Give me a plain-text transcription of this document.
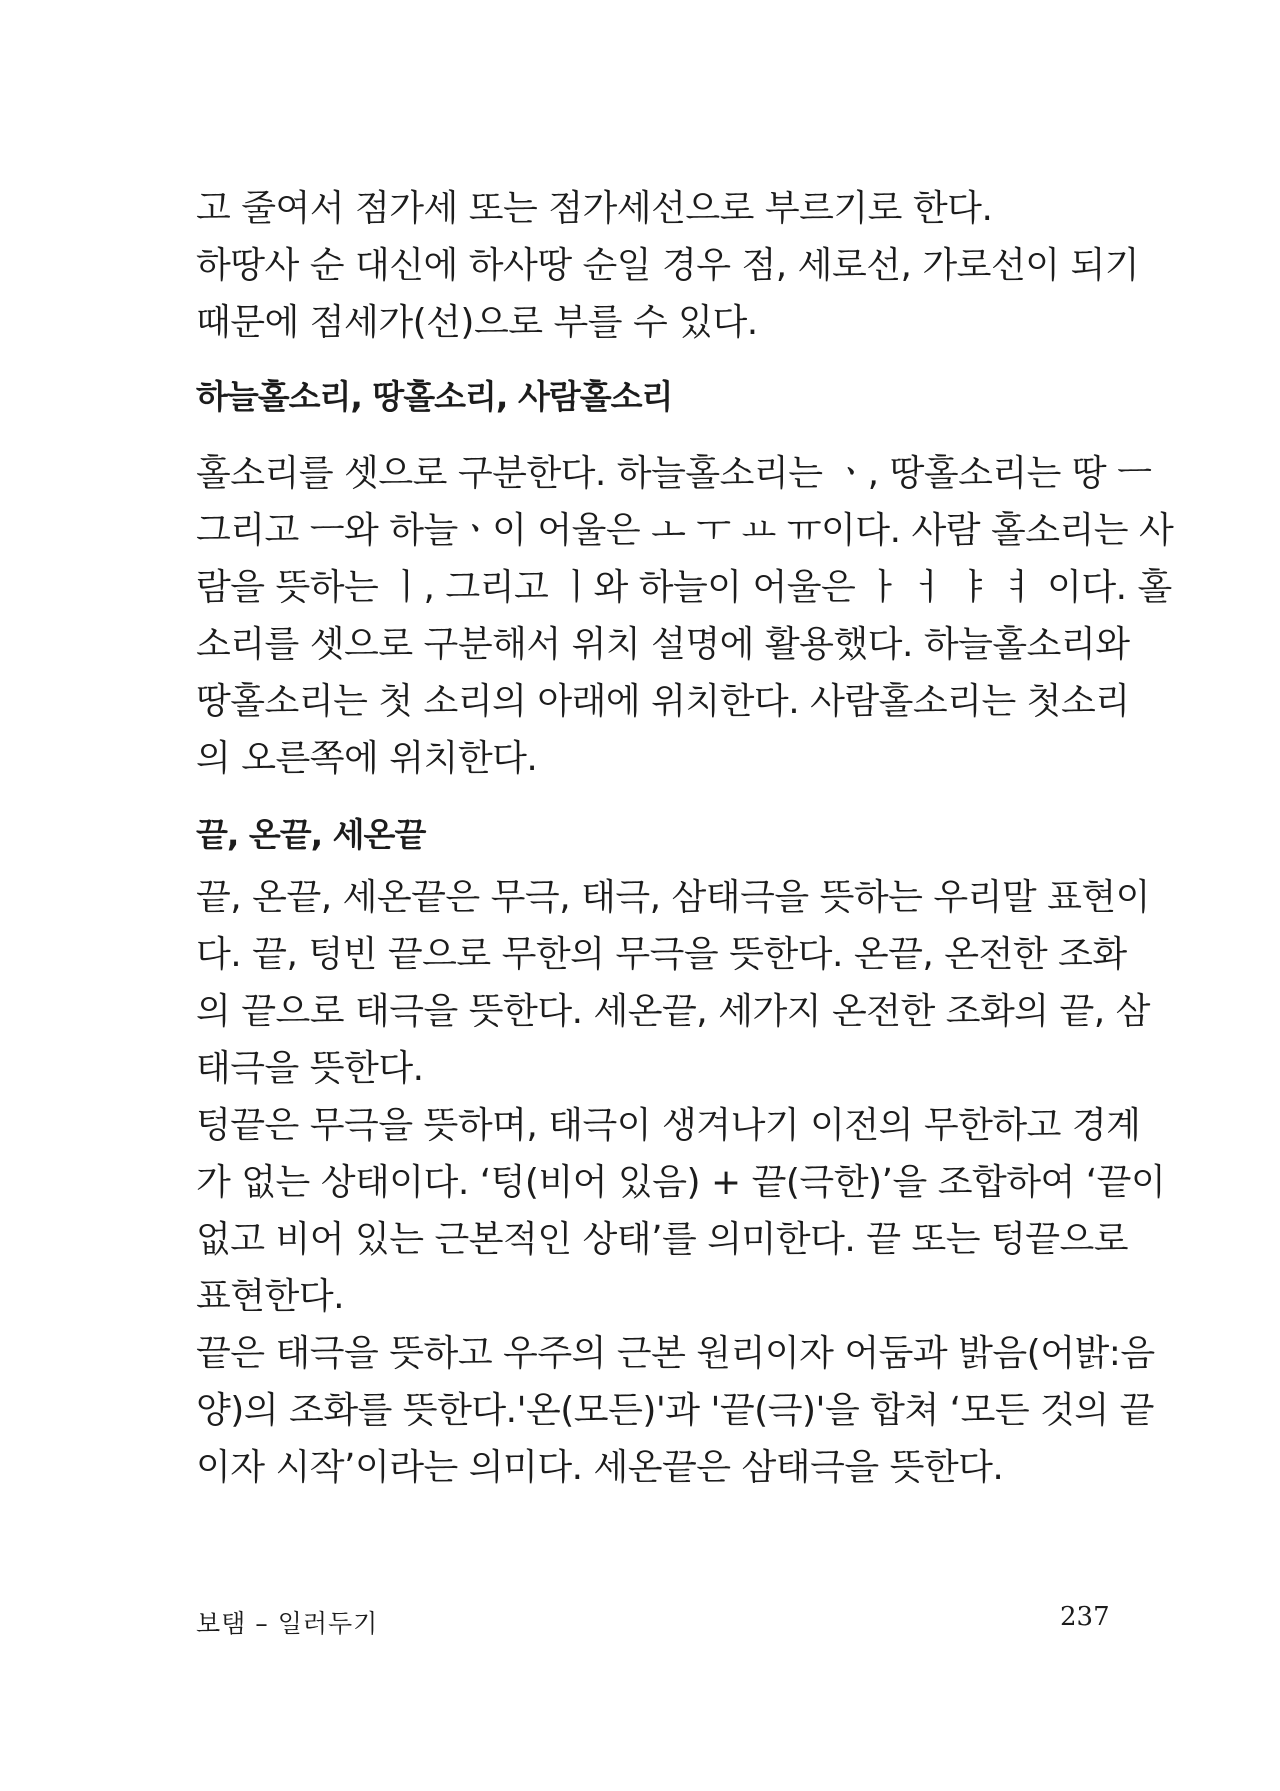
고 줄여서 점가세 또는 점가세선으로 부르기로 한다.
하땅사 순 대신에 하사땅 순일 경우 점, 세로선, 가로선이 되기
때문에 점세가(선)으로 부를 수 있다.
하늘홀소리, 땅홀소리, 사람홀소리
홀소리를 셋으로 구분한다. 하늘홀소리는 ㆍ, 땅홀소리는 땅 ㅡ
그리고 ㅡ와 하늘ㆍ이 어울은 ㅗ ㅜ ㅛ ㅠ이다. 사람 홀소리는 사
람을 뜻하는 ㅣ, 그리고 ㅣ와 하늘이 어울은 ㅏ ㅓ ㅑ ㅕ 이다. 홀
소리를 셋으로 구분해서 위치 설명에 활용했다. 하늘홀소리와
땅홀소리는 첫 소리의 아래에 위치한다. 사람홀소리는 첫소리
의 오른쪽에 위치한다.
끝, 온끝, 세온끝
끝, 온끝, 세온끝은 무극, 태극, 삼태극을 뜻하는 우리말 표현이
다. 끝, 텅빈 끝으로 무한의 무극을 뜻한다. 온끝, 온전한 조화
의 끝으로 태극을 뜻한다. 세온끝, 세가지 온전한 조화의 끝, 삼
태극을 뜻한다.
텅끝은 무극을 뜻하며, 태극이 생겨나기 이전의 무한하고 경계
가 없는 상태이다. ‘텅(비어 있음) + 끝(극한)’을 조합하여 ‘끝이
없고 비어 있는 근본적인 상태’를 의미한다. 끝 또는 텅끝으로
표현한다.
끝은 태극을 뜻하고 우주의 근본 원리이자 어둠과 밝음(어밝:음
양)의 조화를 뜻한다.'온(모든)'과 '끝(극)'을 합쳐 ‘모든 것의 끝
이자 시작’이라는 의미다. 세온끝은 삼태극을 뜻한다.
보탬 – 일러두기	237
